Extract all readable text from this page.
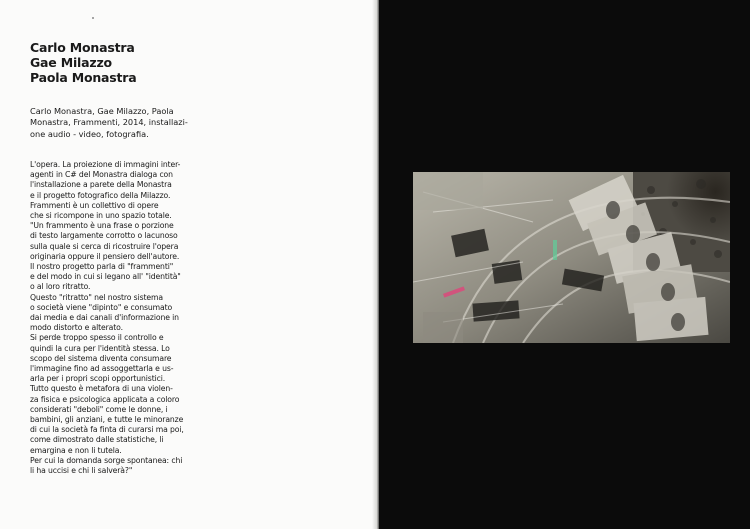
Carlo Monastra
Gae Milazzo
Paola Monastra
Carlo Monastra, Gae Milazzo, Paola
Monastra, Frammenti, 2014, installazi-
one audio - video, fotografia.
L'opera. La proiezione di immagini inter-
agenti in C# del Monastra dialoga con
l'installazione a parete della Monastra
e il progetto fotografico della Milazzo.
Frammenti è un collettivo di opere
che si ricompone in uno spazio totale.
"Un frammento è una frase o porzione
di testo largamente corrotto o lacunoso
sulla quale si cerca di ricostruire l'opera
originaria oppure il pensiero dell'autore.
Il nostro progetto parla di "frammenti"
e del modo in cui si legano all' "identità"
o al loro ritratto.
Questo "ritratto" nel nostro sistema
o società viene "dipinto" e consumato
dai media e dai canali d'informazione in
modo distorto e alterato.
Si perde troppo spesso il controllo e
quindi la cura per l'identità stessa. Lo
scopo del sistema diventa consumare
l'immagine fino ad assoggettarla e us-
arla per i propri scopi opportunistici.
Tutto questo è metafora di una violen-
za fisica e psicologica applicata a coloro
considerati "deboli" come le donne, i
bambini, gli anziani, e tutte le minoranze
di cui la società fa finta di curarsi ma poi,
come dimostrato dalle statistiche, li
emargina e non li tutela.
Per cui la domanda sorge spontanea: chi
li ha uccisi e chi li salverà?"
